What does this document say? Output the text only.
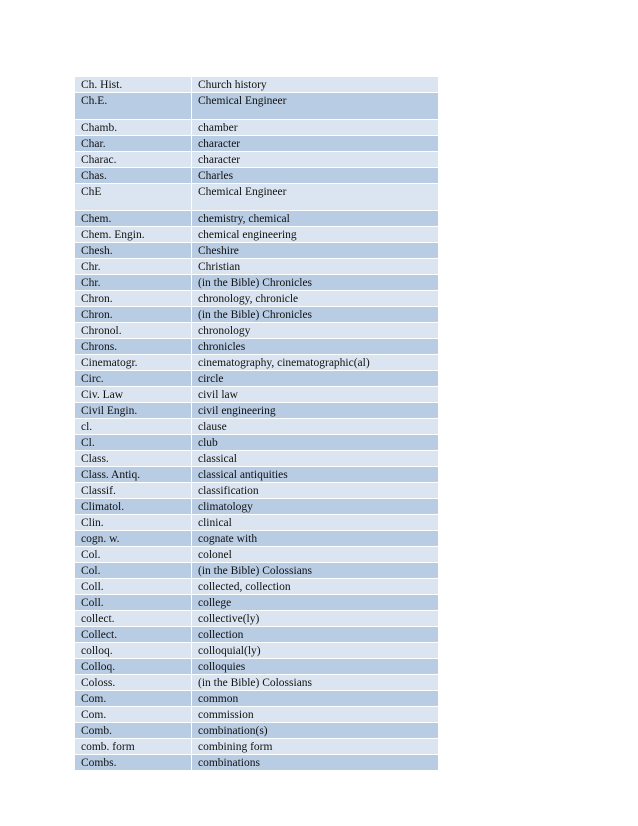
Ch. Hist.	Church history
Ch.E.	Chemical Engineer
Chamb.	chamber
Char.	character
Charac.	character
Chas.	Charles
ChE	Chemical Engineer
Chem.	chemistry, chemical
Chem. Engin.	chemical engineering
Chesh.	Cheshire
Chr.	Christian
Chr.	(in the Bible) Chronicles
Chron.	chronology, chronicle
Chron.	(in the Bible) Chronicles
Chronol.	chronology
Chrons.	chronicles
Cinematogr.	cinematography, cinematographic(al)
Circ.	circle
Civ. Law	civil law
Civil Engin.	civil engineering
cl.	clause
Cl.	club
Class.	classical
Class. Antiq.	classical antiquities
Classif.	classification
Climatol.	climatology
Clin.	clinical
cogn. w.	cognate with
Col.	colonel
Col.	(in the Bible) Colossians
Coll.	collected, collection
Coll.	college
collect.	collective(ly)
Collect.	collection
colloq.	colloquial(ly)
Colloq.	colloquies
Coloss.	(in the Bible) Colossians
Com.	common
Com.	commission
Comb.	combination(s)
comb. form	combining form
Combs.	combinations
